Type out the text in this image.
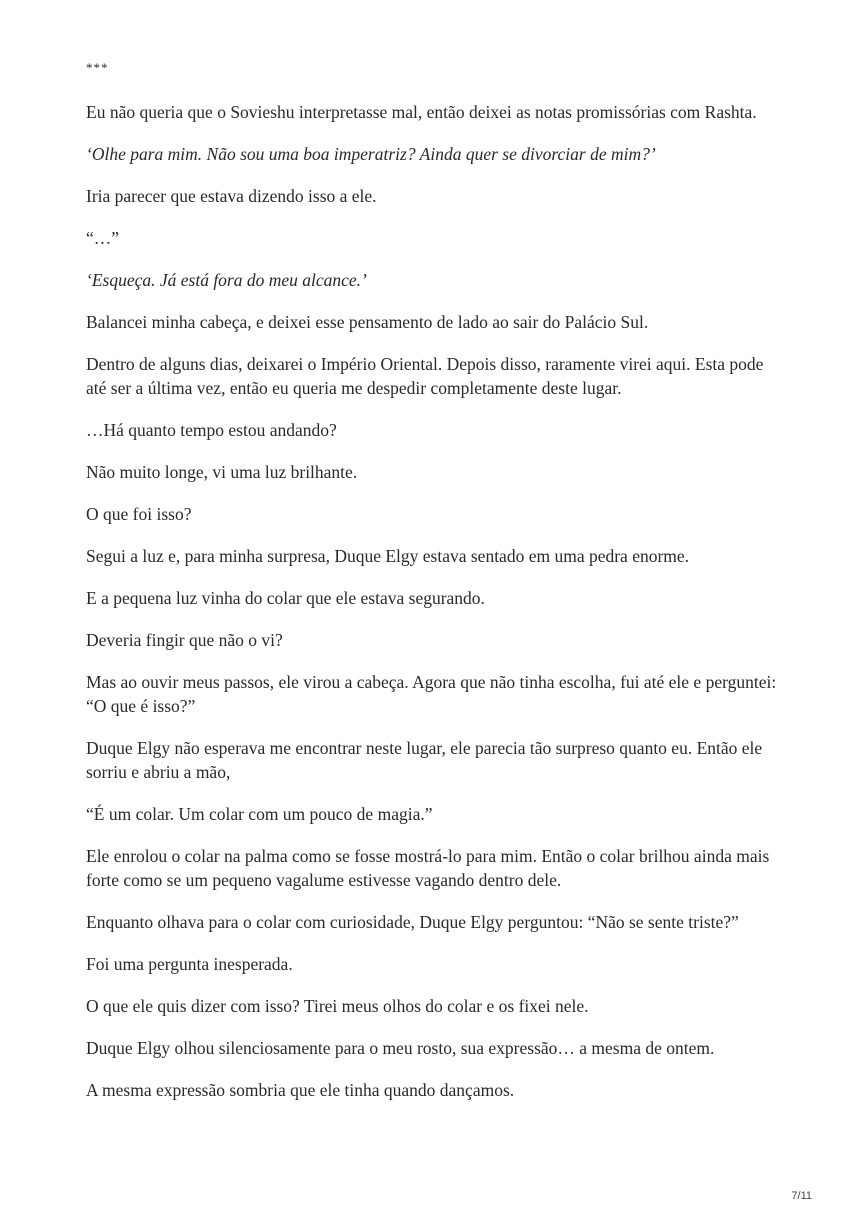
***

Eu não queria que o Sovieshu interpretasse mal, então deixei as notas promissórias com Rashta.

‘Olhe para mim. Não sou uma boa imperatriz? Ainda quer se divorciar de mim?’

Iria parecer que estava dizendo isso a ele.

“…”

‘Esqueça. Já está fora do meu alcance.’

Balancei minha cabeça, e deixei esse pensamento de lado ao sair do Palácio Sul.

Dentro de alguns dias, deixarei o Império Oriental. Depois disso, raramente virei aqui. Esta pode até ser a última vez, então eu queria me despedir completamente deste lugar.

…Há quanto tempo estou andando?

Não muito longe, vi uma luz brilhante.

O que foi isso?

Segui a luz e, para minha surpresa, Duque Elgy estava sentado em uma pedra enorme.

E a pequena luz vinha do colar que ele estava segurando.

Deveria fingir que não o vi?

Mas ao ouvir meus passos, ele virou a cabeça. Agora que não tinha escolha, fui até ele e perguntei: “O que é isso?”

Duque Elgy não esperava me encontrar neste lugar, ele parecia tão surpreso quanto eu. Então ele sorriu e abriu a mão,

“É um colar. Um colar com um pouco de magia.”

Ele enrolou o colar na palma como se fosse mostrá-lo para mim. Então o colar brilhou ainda mais forte como se um pequeno vagalume estivesse vagando dentro dele.

Enquanto olhava para o colar com curiosidade, Duque Elgy perguntou: “Não se sente triste?”

Foi uma pergunta inesperada.

O que ele quis dizer com isso? Tirei meus olhos do colar e os fixei nele.

Duque Elgy olhou silenciosamente para o meu rosto, sua expressão… a mesma de ontem.

A mesma expressão sombria que ele tinha quando dançamos.

7/11
